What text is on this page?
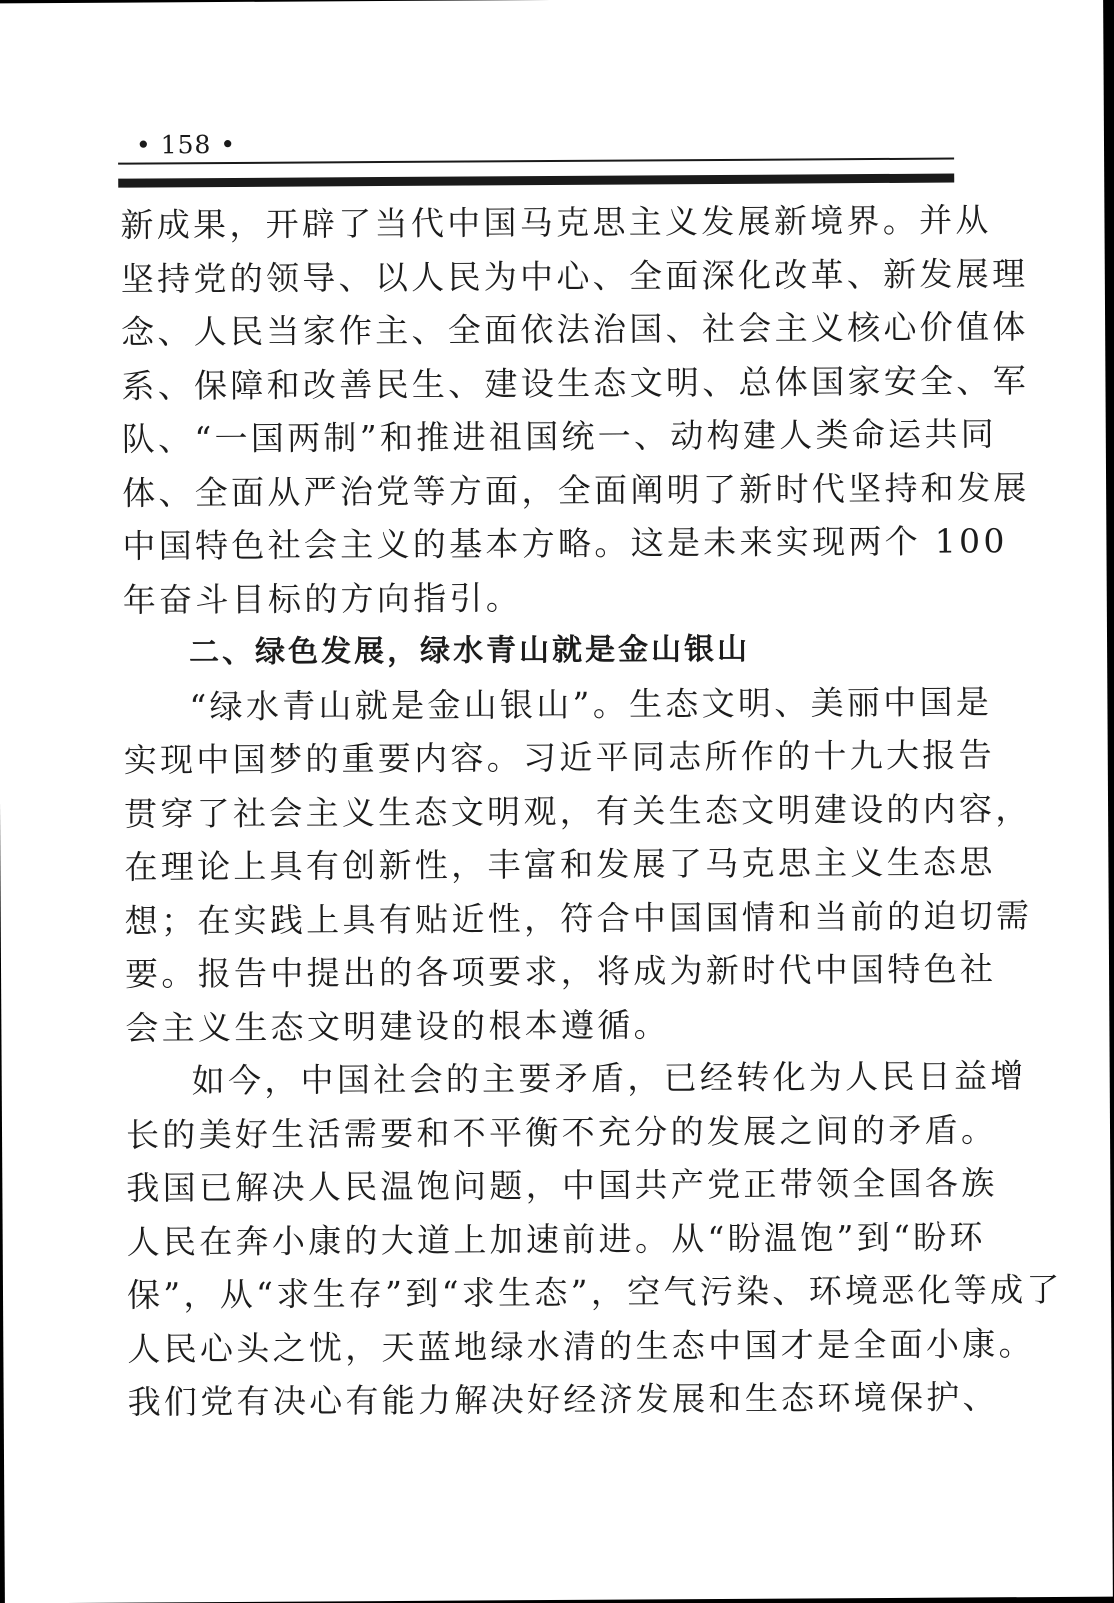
• 158 •
新成果，开辟了当代中国马克思主义发展新境界。并从
坚持党的领导、以人民为中心、全面深化改革、新发展理
念、人民当家作主、全面依法治国、社会主义核心价值体
系、保障和改善民生、建设生态文明、总体国家安全、军
队、“一国两制”和推进祖国统一、动构建人类命运共同
体、全面从严治党等方面，全面阐明了新时代坚持和发展
中国特色社会主义的基本方略。这是未来实现两个 100
年奋斗目标的方向指引。
二、绿色发展，绿水青山就是金山银山
“绿水青山就是金山银山”。生态文明、美丽中国是
实现中国梦的重要内容。习近平同志所作的十九大报告
贯穿了社会主义生态文明观，有关生态文明建设的内容，
在理论上具有创新性，丰富和发展了马克思主义生态思
想；在实践上具有贴近性，符合中国国情和当前的迫切需
要。报告中提出的各项要求，将成为新时代中国特色社
会主义生态文明建设的根本遵循。
如今，中国社会的主要矛盾，已经转化为人民日益增
长的美好生活需要和不平衡不充分的发展之间的矛盾。
我国已解决人民温饱问题，中国共产党正带领全国各族
人民在奔小康的大道上加速前进。从“盼温饱”到“盼环
保”，从“求生存”到“求生态”，空气污染、环境恶化等成了
人民心头之忧，天蓝地绿水清的生态中国才是全面小康。
我们党有决心有能力解决好经济发展和生态环境保护、
